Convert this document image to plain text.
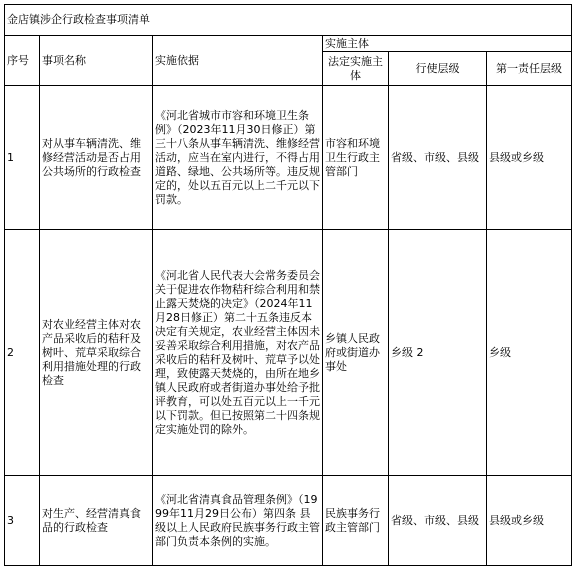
金店镇涉企行政检查事项清单					
序号	事项名称	实施依据	实施主体		
			法定实施主体	行使层级	第一责任层级
1	对从事车辆清洗、维修经营活动是否占用公共场所的行政检查	《河北省城市市容和环境卫生条例》（2023年11月30日修正）第三十八条从事车辆清洗、维修经营活动，应当在室内进行，不得占用道路、绿地、公共场所等。违反规定的，处以五百元以上二千元以下罚款。	市容和环境卫生行政主管部门	省级、市级、县级	县级或乡级
2	对农业经营主体对农产品采收后的秸秆及树叶、荒草采取综合利用措施处理的行政检查	《河北省人民代表大会常务委员会关于促进农作物秸秆综合利用和禁止露天焚烧的决定》（2024年11月28日修正）第二十五条违反本决定有关规定，农业经营主体因未妥善采取综合利用措施，对农产品采收后的秸秆及树叶、荒草予以处理，致使露天焚烧的，由所在地乡镇人民政府或者街道办事处给予批评教育，可以处五百元以上一千元以下罚款。但已按照第二十四条规定实施处罚的除外。	乡镇人民政府或街道办事处	乡级 2	乡级
3	对生产、经营清真食品的行政检查	《河北省清真食品管理条例》（1999年11月29日公布）第四条 县级以上人民政府民族事务行政主管部门负责本条例的实施。	民族事务行政主管部门	省级、市级、县级	县级或乡级
